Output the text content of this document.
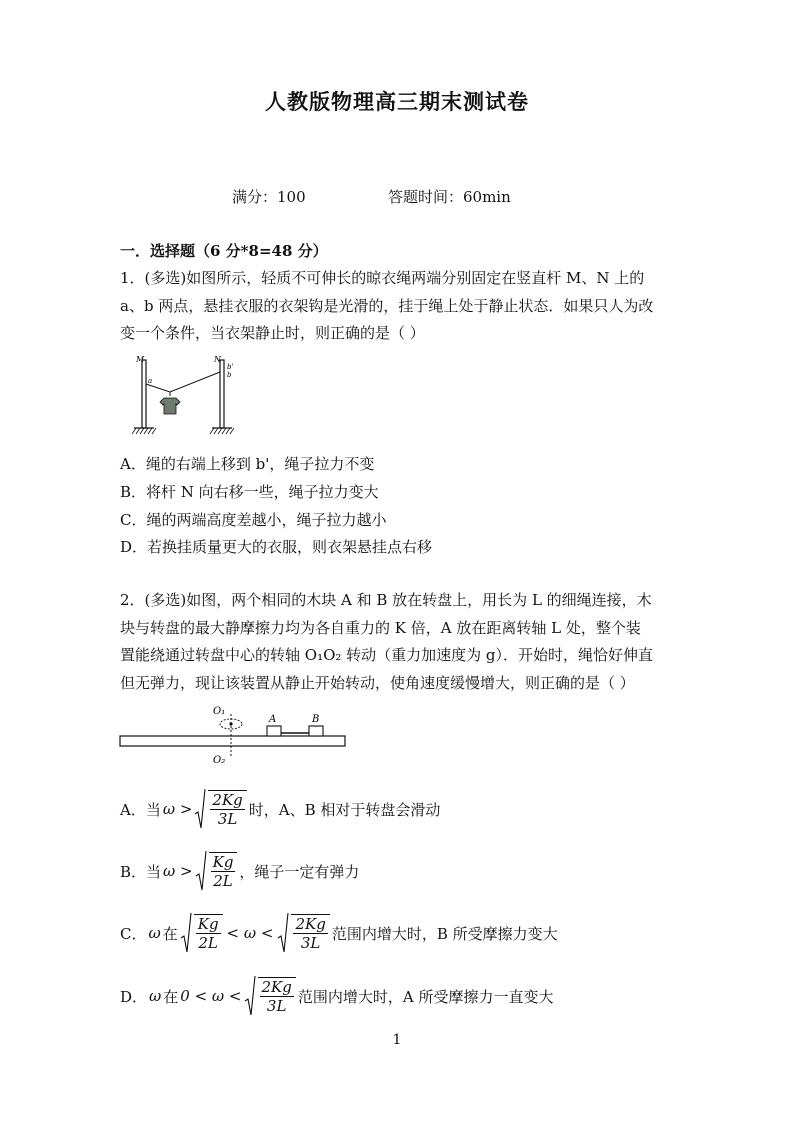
人教版物理高三期末测试卷
满分：100	答题时间：60min
一．选择题（6 分*8=48 分）
1．(多选)如图所示，轻质不可伸长的晾衣绳两端分别固定在竖直杆 M、N 上的
a、b 两点，悬挂衣服的衣架钩是光滑的，挂于绳上处于静止状态．如果只人为改
变一个条件，当衣架静止时，则正确的是（ ）
M	N
a
b'
b
A．绳的右端上移到 b'，绳子拉力不变
B．将杆 N 向右移一些，绳子拉力变大
C．绳的两端高度差越小，绳子拉力越小
D．若换挂质量更大的衣服，则衣架悬挂点右移
2．(多选)如图，两个相同的木块 A 和 B 放在转盘上，用长为 L 的细绳连接，木
块与转盘的最大静摩擦力均为各自重力的 K 倍，A 放在距离转轴 L 处，整个装
置能绕通过转盘中心的转轴 O₁O₂ 转动（重力加速度为 g）．开始时，绳恰好伸直
但无弹力，现让该装置从静止开始转动，使角速度缓慢增大，则正确的是（ ）
O₁
O₂
A	B
A．当 $\omega > \frac{2Kg}{3L}$ 时，A、B 相对于转盘会滑动
B．当 $\omega > \frac{Kg}{2L}$ ，绳子一定有弹力
C． ω 在 $\frac{Kg}{2L} < \omega < \frac{2Kg}{3L}$ 范围内增大时，B 所受摩擦力变大
D． ω 在 $0 < \omega < \frac{2Kg}{3L}$ 范围内增大时，A 所受摩擦力一直变大
1
